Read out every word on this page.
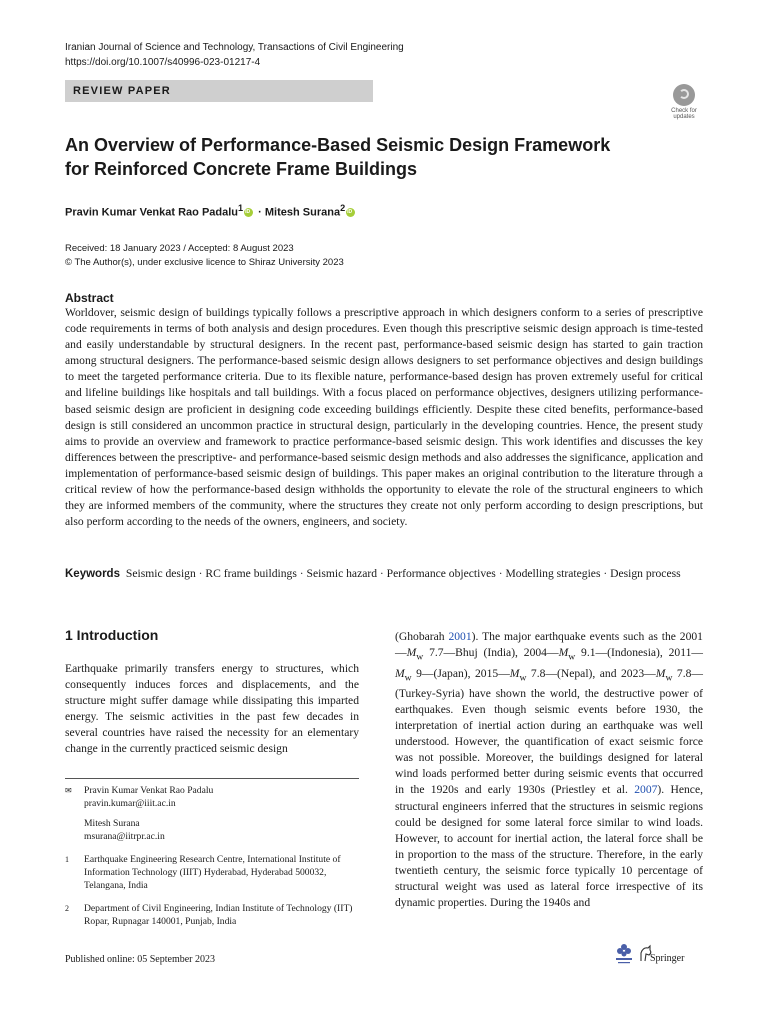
Iranian Journal of Science and Technology, Transactions of Civil Engineering
https://doi.org/10.1007/s40996-023-01217-4
REVIEW PAPER
Check for
updates
An Overview of Performance-Based Seismic Design Framework
for Reinforced Concrete Frame Buildings
Pravin Kumar Venkat Rao Padalu$^1$iD · Mitesh Surana$^2$iD
Received: 18 January 2023 / Accepted: 8 August 2023
© The Author(s), under exclusive licence to Shiraz University 2023
Abstract
Worldover, seismic design of buildings typically follows a prescriptive approach in which designers conform to a series of prescriptive code requirements in terms of both analysis and design procedures. Even though this prescriptive seismic design approach is time-tested and easily understandable by structural designers. In the recent past, performance-based seismic design has started to gain traction among structural designers. The performance-based seismic design allows designers to set performance objectives and design buildings to meet the targeted performance criteria. Due to its flexible nature, performance-based design has proven extremely useful for critical and lifeline buildings like hospitals and tall buildings. With a focus placed on performance objectives, designers utilizing performance-based seismic design are proficient in designing code exceeding buildings efficiently. Despite these cited benefits, performance-based design is still considered an uncommon practice in structural design, particularly in the developing countries. Hence, the present study aims to provide an overview and framework to practice performance-based seismic design. This work identifies and discusses the key differences between the prescriptive- and performance-based seismic design methods and also addresses the significance, application and implementation of performance-based seismic design of buildings. This paper makes an original contribution to the literature through a critical review of how the performance-based design withholds the opportunity to elevate the role of the structural engineers to which they are informed members of the community, where the structures they create not only perform according to design prescriptions, but also perform according to the needs of the owners, engineers, and society.
Keywords Seismic design · RC frame buildings · Seismic hazard · Performance objectives · Modelling strategies · Design process
1 Introduction
Earthquake primarily transfers energy to structures, which consequently induces forces and displacements, and the structure might suffer damage while dissipating this imparted energy. The seismic activities in the past few decades in several countries have raised the necessity for an elementary change in the currently practiced seismic design
✉ Pravin Kumar Venkat Rao Padalu
pravin.kumar@iiit.ac.in
Mitesh Surana
msurana@iitrpr.ac.in
1 Earthquake Engineering Research Centre, International Institute of Information Technology (IIIT) Hyderabad, Hyderabad 500032, Telangana, India
2 Department of Civil Engineering, Indian Institute of Technology (IIT) Ropar, Rupnagar 140001, Punjab, India
(Ghobarah 2001). The major earthquake events such as the $2001—M_w$ 7.7—Bhuj (India), $2004—M_w$ 9.1—(Indonesia), $2011—M_w$ 9—(Japan), $2015—M_w$ 7.8—(Nepal), and $2023—M_w$ 7.8—(Turkey-Syria) have shown the world, the destructive power of earthquakes. Even though seismic events before 1930, the interpretation of inertial action during an earthquake was well understood. However, the quantification of exact seismic force was not possible. Moreover, the buildings designed for lateral wind loads performed better during seismic events that occurred in the 1920s and early 1930s (Priestley et al. 2007). Hence, structural engineers inferred that the structures in seismic regions could be designed for some lateral force similar to wind loads. However, to account for inertial action, the lateral force shall be in proportion to the mass of the structure. Therefore, in the early twentieth century, the seismic force typically 10 percentage of structural weight was used as lateral force irrespective of its dynamic properties. During the 1940s and
Published online: 05 September 2023	Springer
